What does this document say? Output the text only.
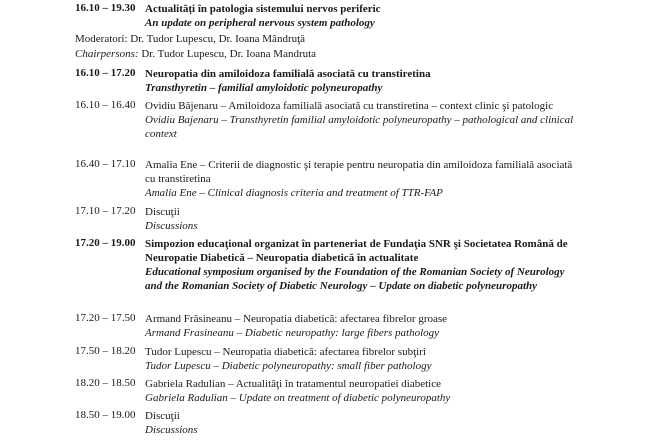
16.10 – 19.30 Actualități în patologia sistemului nervos periferic
An update on peripheral nervous system pathology
Moderatori: Dr. Tudor Lupescu, Dr. Ioana Mândruţă
Chairpersons: Dr. Tudor Lupescu, Dr. Ioana Mandruta
16.10 – 17.20 Neuropatia din amiloidoza familială asociată cu transtiretina
Transthyretin – familial amyloidotic polyneuropathy
16.10 – 16.40 Ovidiu Băjenaru – Amiloidoza familială asociată cu transtiretina – context clinic şi patologic
Ovidiu Bajenaru – Transthyretin familial amyloidotic polyneuropathy – pathological and clinical context
16.40 – 17.10 Amalia Ene – Criterii de diagnostic şi terapie pentru neuropatia din amiloidoza familială asociată cu transtiretina
Amalia Ene – Clinical diagnosis criteria and treatment of TTR-FAP
17.10 – 17.20 Discuţii
Discussions
17.20 – 19.00 Simpozion educaţional organizat în parteneriat de Fundaţia SNR şi Societatea Română de Neuropatie Diabetică – Neuropatia diabetică în actualitate
Educational symposium organised by the Foundation of the Romanian Society of Neurology and the Romanian Society of Diabetic Neurology – Update on diabetic polyneuropathy
17.20 – 17.50 Armand Frăsineanu – Neuropatia diabetică: afectarea fibrelor groase
Armand Frasineanu – Diabetic neuropathy: large fibers pathology
17.50 – 18.20 Tudor Lupescu – Neuropatia diabetică: afectarea fibrelor subţiri
Tudor Lupescu – Diabetic polyneuropathy: small fiber pathology
18.20 – 18.50 Gabriela Radulian – Actualităţi în tratamentul neuropatiei diabetice
Gabriela Radulian – Update on treatment of diabetic polyneuropathy
18.50 – 19.00 Discuţii
Discussions
